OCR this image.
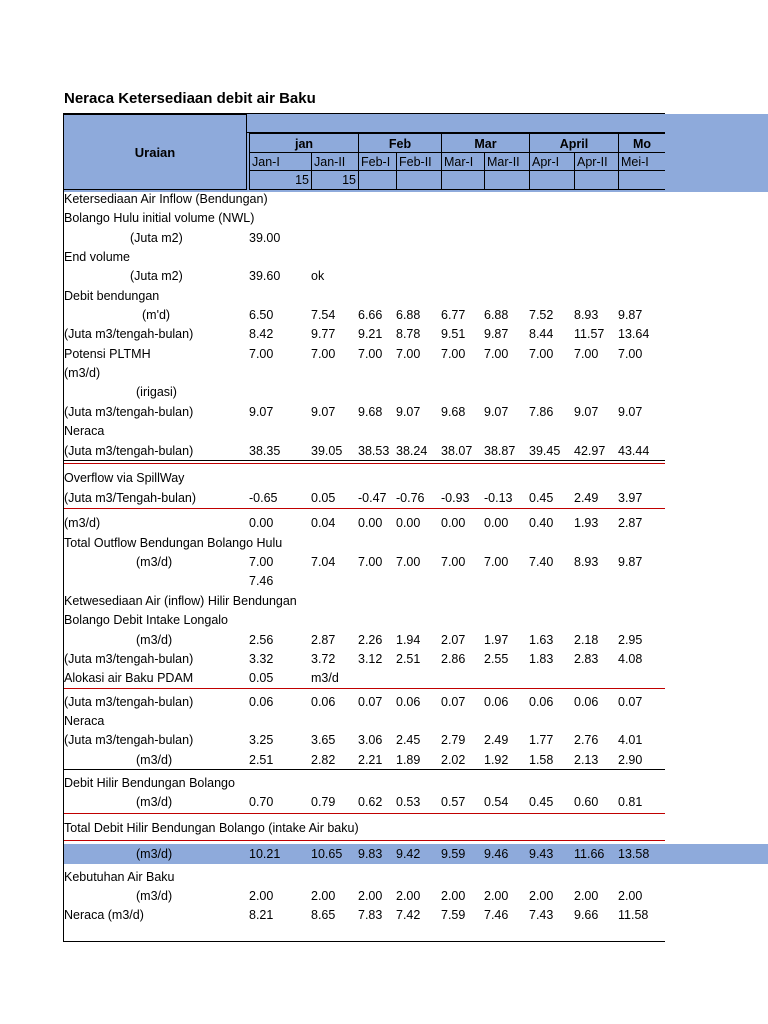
Neraca Ketersediaan debit air Baku
Uraian
jan	Feb	Mar	April	Mo
Jan-I	Jan-II	Feb-I Feb-II Mar-I	Mar-II Apr-I	Apr-II	Mei-I
15	15
Ketersediaan Air Inflow (Bendungan)
Bolango Hulu initial volume (NWL)
(Juta m2)	39.00
End volume
(Juta m2)	39.60 ok
Debit bendungan
(m'd)	6.50	7.54 6.66 6.88 6.77 6.88 7.52 8.93 9.87
(Juta m3/tengah-bulan)	8.42	9.77 9.21 8.78 9.51 9.87 8.44 11.57 13.64
Potensi PLTMH	7.00	7.00 7.00 7.00 7.00 7.00 7.00 7.00 7.00
(m3/d)
(irigasi)
(Juta m3/tengah-bulan)	9.07	9.07 9.68 9.07 9.68 9.07 7.86 9.07 9.07
Neraca
(Juta m3/tengah-bulan)	38.35 39.05 38.53 38.24 38.07 38.87 39.45 42.97 43.44
Overflow via SpillWay
(Juta m3/Tengah-bulan)	-0.65	0.05 -0.47 -0.76 -0.93 -0.13 0.45 2.49 3.97
(m3/d)	0.00	0.04 0.00 0.00 0.00 0.00 0.40 1.93 2.87
Total Outflow Bendungan Bolango Hulu
(m3/d)	7.00	7.04 7.00 7.00 7.00 7.00 7.40 8.93 9.87
7.46
Ketwesediaan Air (inflow) Hilir Bendungan
Bolango Debit Intake Longalo
(m3/d)	2.56	2.87 2.26 1.94 2.07 1.97 1.63 2.18 2.95
(Juta m3/tengah-bulan)	3.32	3.72 3.12 2.51 2.86 2.55 1.83 2.83 4.08
Alokasi air Baku PDAM	0.05	m3/d
(Juta m3/tengah-bulan)	0.06	0.06 0.07 0.06 0.07 0.06 0.06 0.06 0.07
Neraca
(Juta m3/tengah-bulan)	3.25	3.65 3.06 2.45 2.79 2.49 1.77 2.76 4.01
(m3/d)	2.51	2.82 2.21 1.89 2.02 1.92 1.58 2.13 2.90
Debit Hilir Bendungan Bolango
(m3/d)	0.70	0.79 0.62 0.53 0.57 0.54 0.45 0.60 0.81
Total Debit Hilir Bendungan Bolango (intake Air baku)
(m3/d)	10.21 10.65 9.83 9.42 9.59 9.46 9.43 11.66 13.58
Kebutuhan Air Baku
(m3/d)	2.00	2.00 2.00 2.00 2.00 2.00 2.00 2.00 2.00
Neraca (m3/d)	8.21	8.65 7.83 7.42 7.59 7.46 7.43 9.66 11.58
